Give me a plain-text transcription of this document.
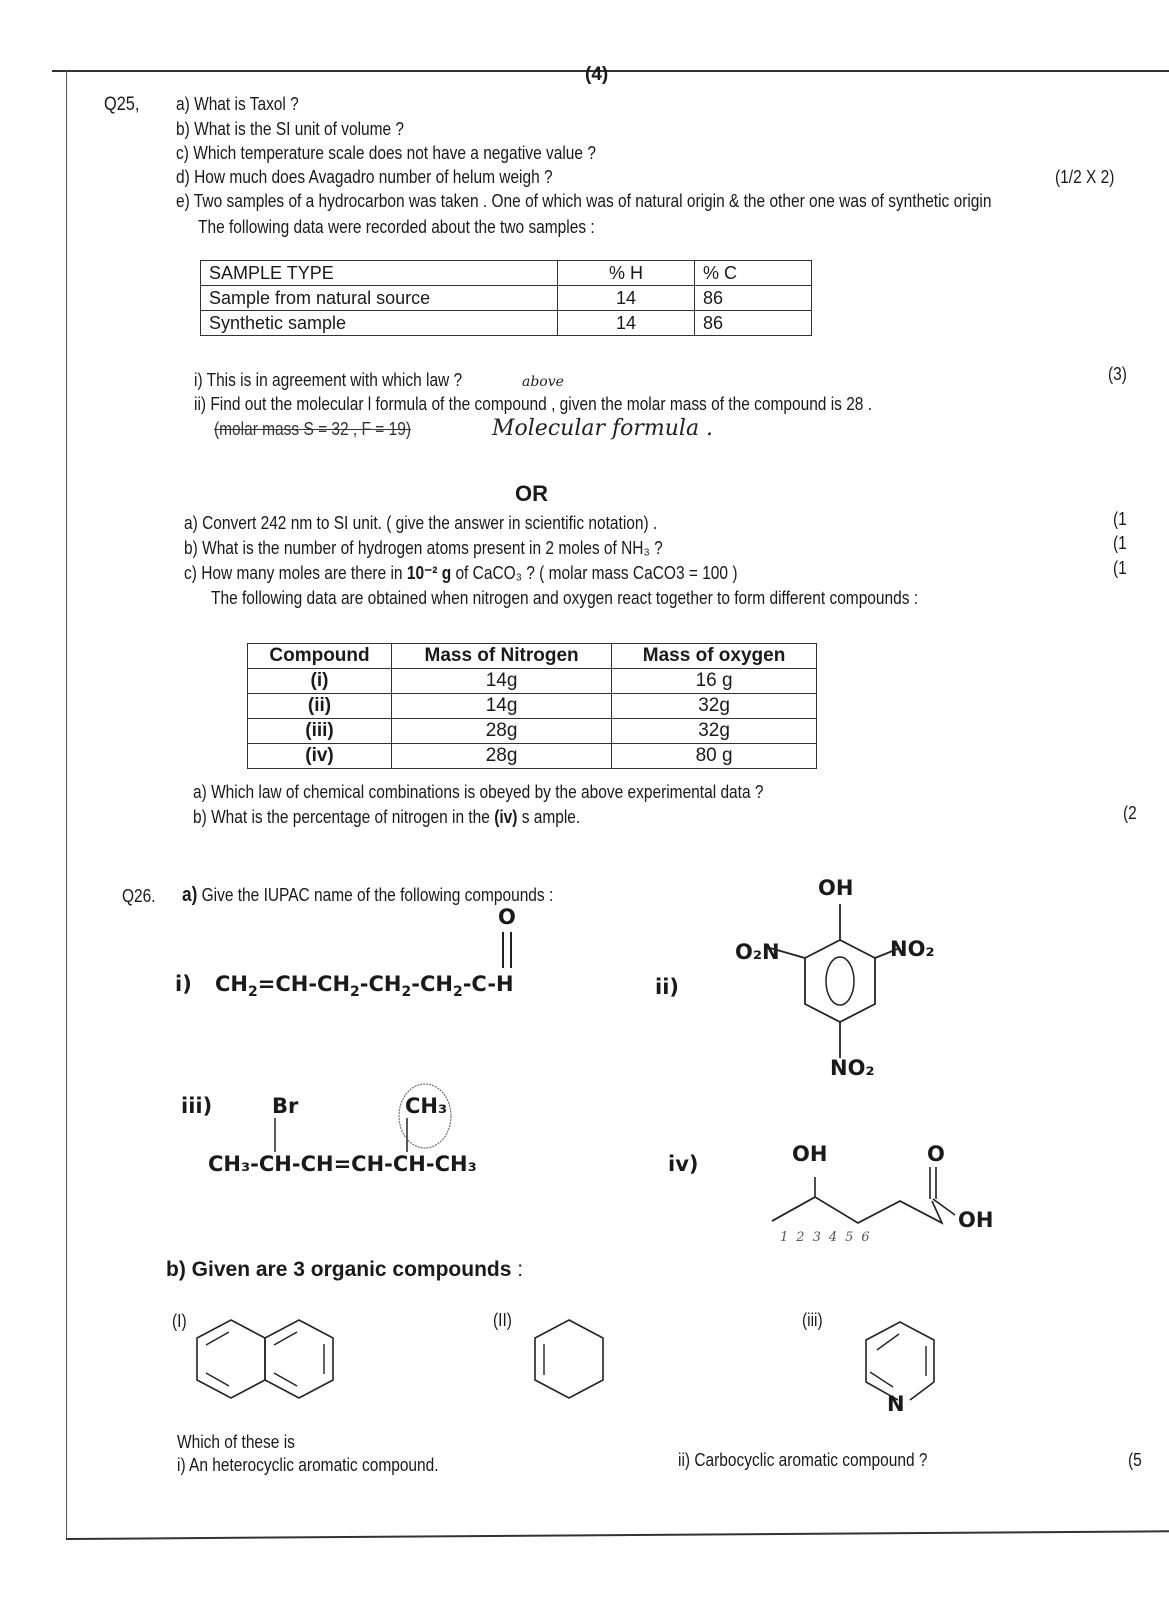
(4)
Q25, a) What is Taxol ?
b) What is the SI unit of volume ?
c) Which temperature scale does not have a negative value ?
d) How much does Avagadro number of helum weigh ?	(1/2 X 2)
e) Two samples of a hydrocarbon was taken . One of which was of natural origin & the other one was of synthetic origin
The following data were recorded about the two samples :
SAMPLE TYPE	% H	% C
Sample from natural source	14	86
Synthetic sample	14	86
i) This is in agreement with which law ?	above	(3)
ii) Find out the molecular l formula of the compound , given the molar mass of the compound is 28 .
(molar mass S = 32 , F = 19)	Molecular formula .
OR
a) Convert 242 nm to SI unit. ( give the answer in scientific notation) .	(1
b) What is the number of hydrogen atoms present in 2 moles of NH₃ ?	(1
c) How many moles are there in 10⁻² g of CaCO₃ ? ( molar mass CaCO3 = 100 )	(1
The following data are obtained when nitrogen and oxygen react together to form different compounds :
Compound	Mass of Nitrogen	Mass of oxygen
(i)	14g	16 g
(ii)	14g	32g
(iii)	28g	32g
(iv)	28g	80 g
a) Which law of chemical combinations is obeyed by the above experimental data ?
b) What is the percentage of nitrogen in the (iv) s ample.	(2
Q26. a) Give the IUPAC name of the following compounds :
i)
O
$CH_2=CH-CH_2-CH_2-CH_2-C-H$	ii)
OH
O₂N	NO₂
NO₂
iii)	Br	CH₃
CH₃-CH-CH=CH-CH-CH₃	iv)	OH	O
OH
123456
b) Given are 3 organic compounds :
(I)	(II)	(iii)
N
Which of these is
i) An heterocyclic aromatic compound.	ii) Carbocyclic aromatic compound ?	(5
